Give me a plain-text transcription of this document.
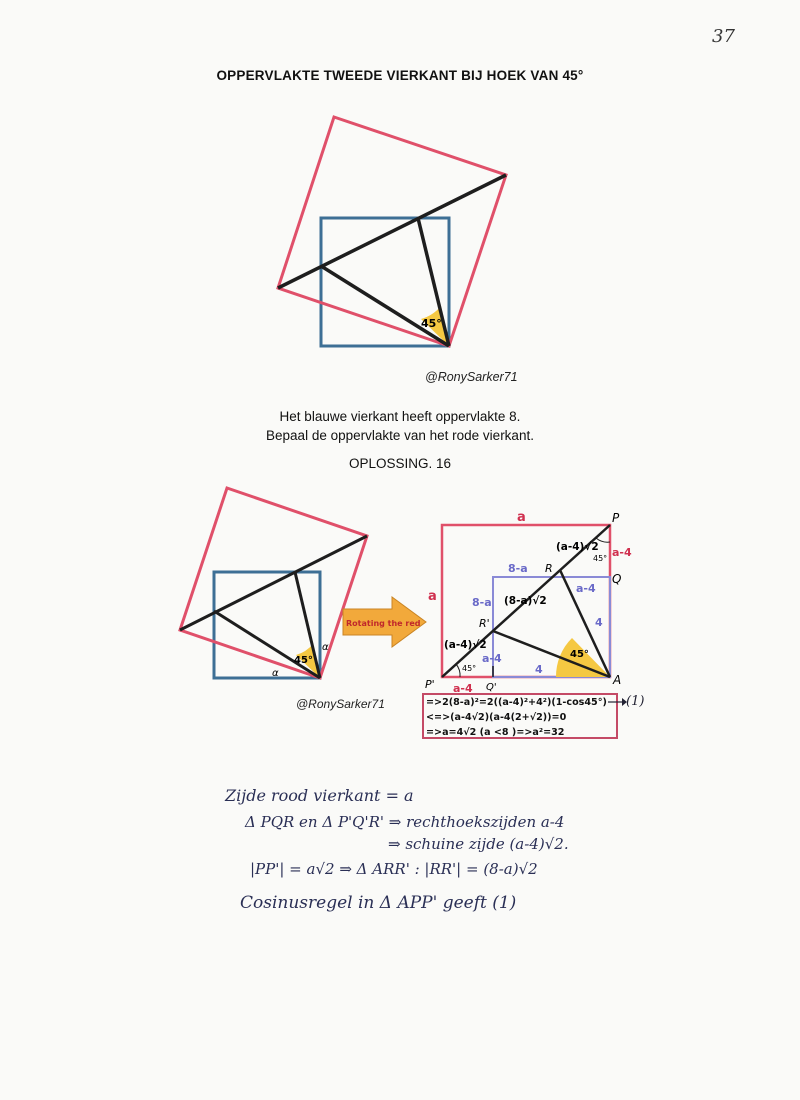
37
OPPERVLAKTE TWEEDE VIERKANT BIJ HOEK VAN 45°
45°
@RonySarker71
Het blauwe vierkant heeft oppervlakte 8.
Bepaal de oppervlakte van het rode vierkant.
OPLOSSING. 16
45°
α
α
Rotating the red
@RonySarker71
a
a
P
Q
R
R'
P'	Q'
A
(a-4)√2 a-4
45°
8-a
8-a (8-a)√2
a-4
4
(a-4)√2
45°
a-4
4
a-4
45°
=>2(8-a)²=2((a-4)²+4²)(1-cos45°)
<=>(a-4√2)(a-4(2+√2))=0
=>a=4√2 (a <8 )=>a²=32
(1)
Zijde rood vierkant = a
Δ PQR en Δ P'Q'R' ⇒ rechthoekszijden a-4
⇒ schuine zijde (a-4)√2.
|PP'| = a√2 ⇒ Δ ARR' : |RR'| = (8-a)√2
Cosinusregel in Δ APP' geeft (1)
